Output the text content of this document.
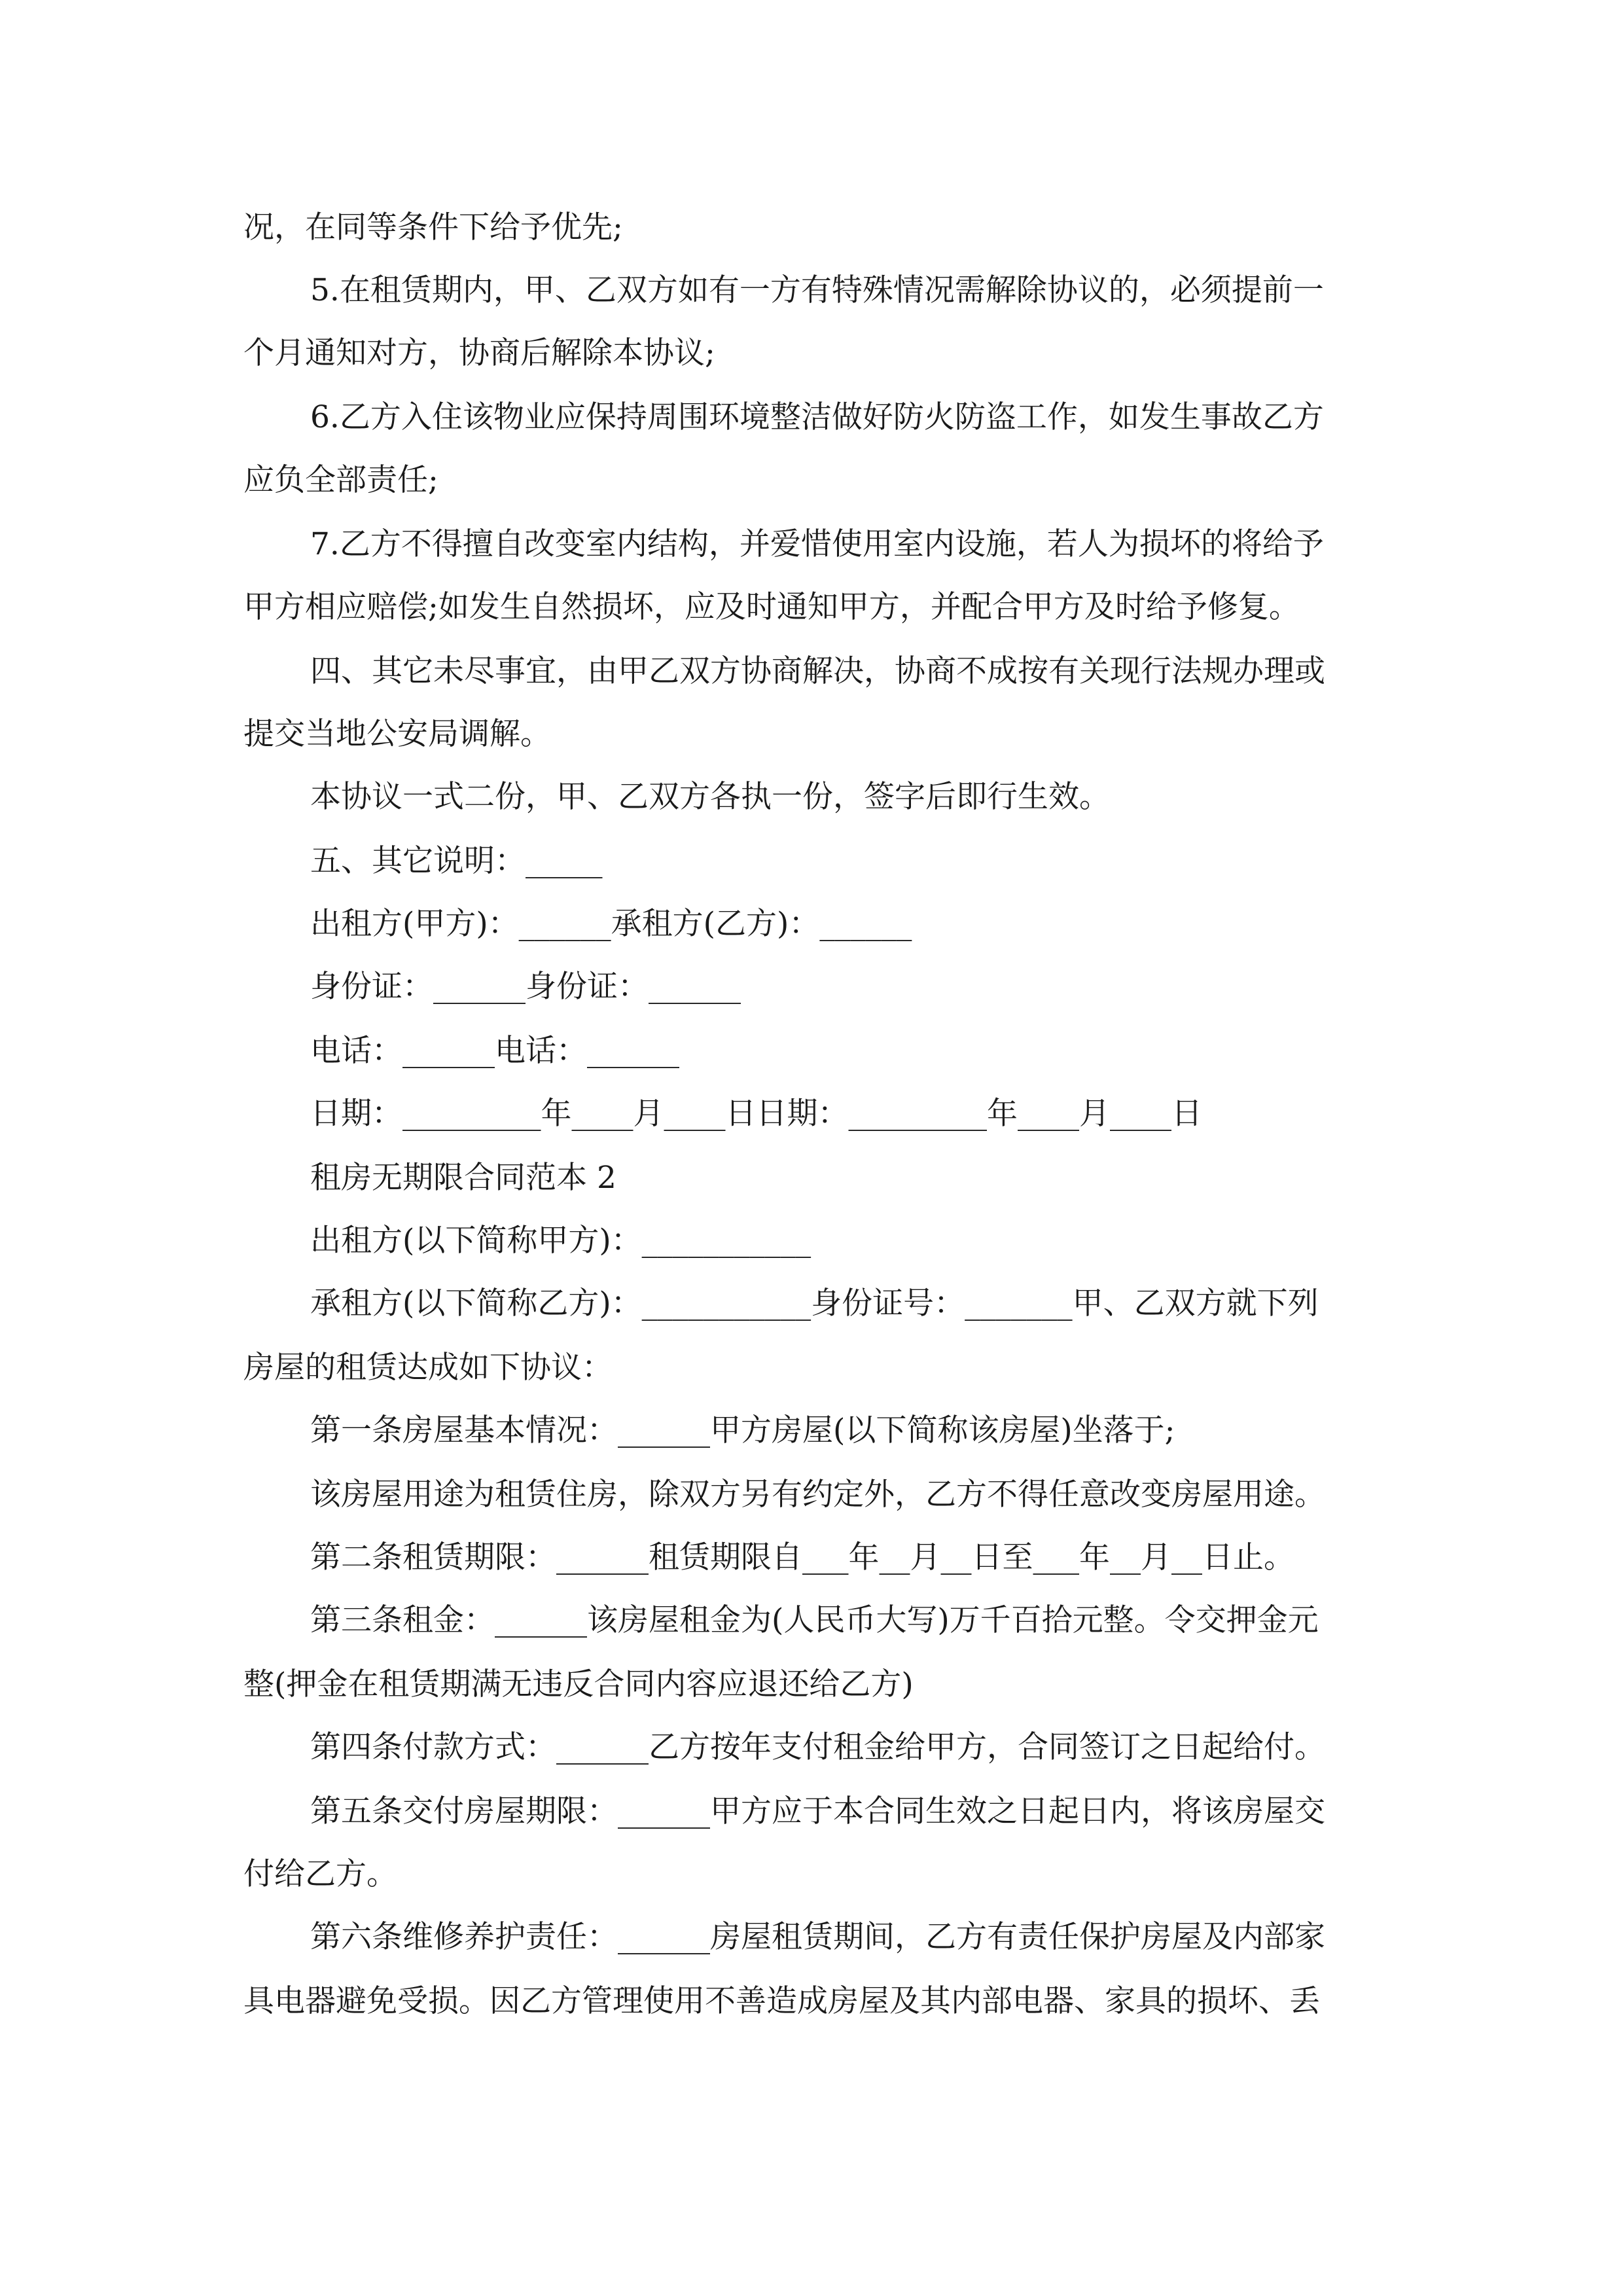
况，在同等条件下给予优先;

5.在租赁期内，甲、乙双方如有一方有特殊情况需解除协议的，必须提前一

个月通知对方，协商后解除本协议;

6.乙方入住该物业应保持周围环境整洁做好防火防盗工作，如发生事故乙方

应负全部责任;

7.乙方不得擅自改变室内结构，并爱惜使用室内设施，若人为损坏的将给予

甲方相应赔偿;如发生自然损坏，应及时通知甲方，并配合甲方及时给予修复。

四、其它未尽事宜，由甲乙双方协商解决，协商不成按有关现行法规办理或

提交当地公安局调解。

本协议一式二份，甲、乙双方各执一份，签字后即行生效。

五、其它说明：_____

出租方(甲方)：______承租方(乙方)：______

身份证：______身份证：______

电话：______电话：______

日期：_________年____月____日日期：_________年____月____日

租房无期限合同范本 2

出租方(以下简称甲方)：___________

承租方(以下简称乙方)：___________身份证号：_______甲、乙双方就下列

房屋的租赁达成如下协议：

第一条房屋基本情况：______甲方房屋(以下简称该房屋)坐落于;

该房屋用途为租赁住房，除双方另有约定外，乙方不得任意改变房屋用途。

第二条租赁期限：______租赁期限自___年__月__日至___年__月__日止。

第三条租金：______该房屋租金为(人民币大写)万千百拾元整。令交押金元

整(押金在租赁期满无违反合同内容应退还给乙方)

第四条付款方式：______乙方按年支付租金给甲方，合同签订之日起给付。

第五条交付房屋期限：______甲方应于本合同生效之日起日内，将该房屋交

付给乙方。

第六条维修养护责任：______房屋租赁期间，乙方有责任保护房屋及内部家

具电器避免受损。因乙方管理使用不善造成房屋及其内部电器、家具的损坏、丢
